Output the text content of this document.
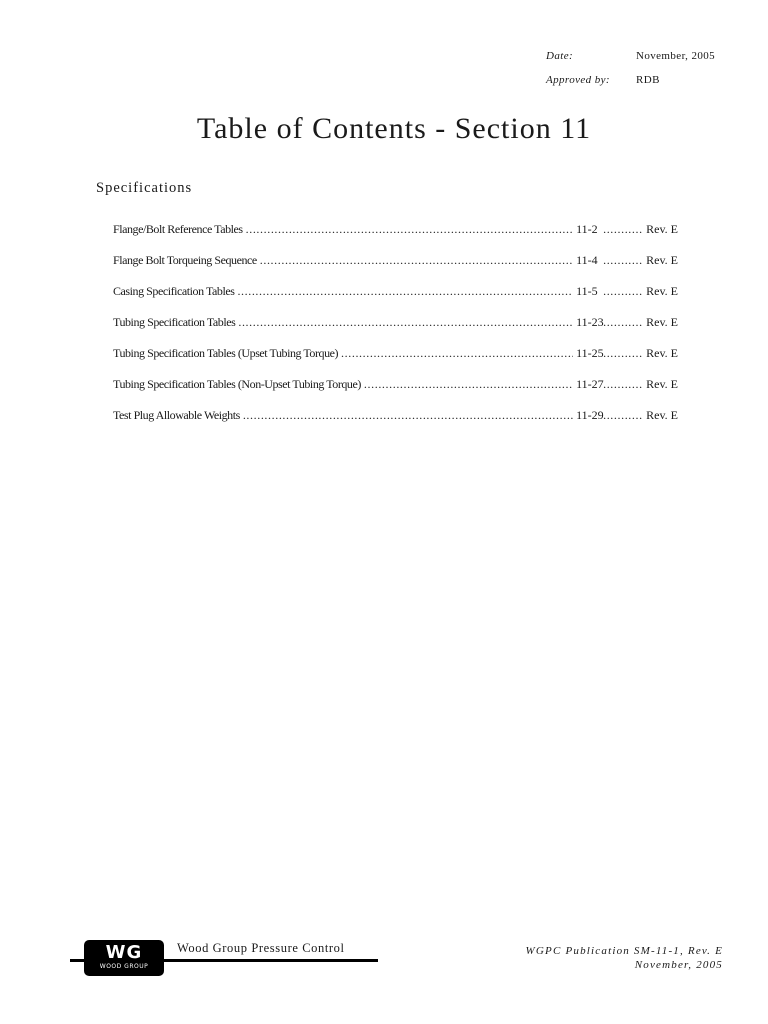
Date:	November, 2005
Approved by:	RDB
Table of Contents - Section 11
Specifications
Flange/Bolt Reference Tables .....	11-2 .....	Rev. E
Flange Bolt Torqueing Sequence .....	11-4 .....	Rev. E
Casing Specification Tables .....	11-5 .....	Rev. E
Tubing Specification Tables .....	11-23 .....	Rev. E
Tubing Specification Tables (Upset Tubing Torque) .....	11-25 .....	Rev. E
Tubing Specification Tables (Non-Upset Tubing Torque) .....	11-27 .....	Rev. E
Test Plug Allowable Weights .....	11-29 .....	Rev. E
WG
WOOD GROUP
Wood Group Pressure Control	WGPC Publication SM-11-1, Rev. E
November, 2005
